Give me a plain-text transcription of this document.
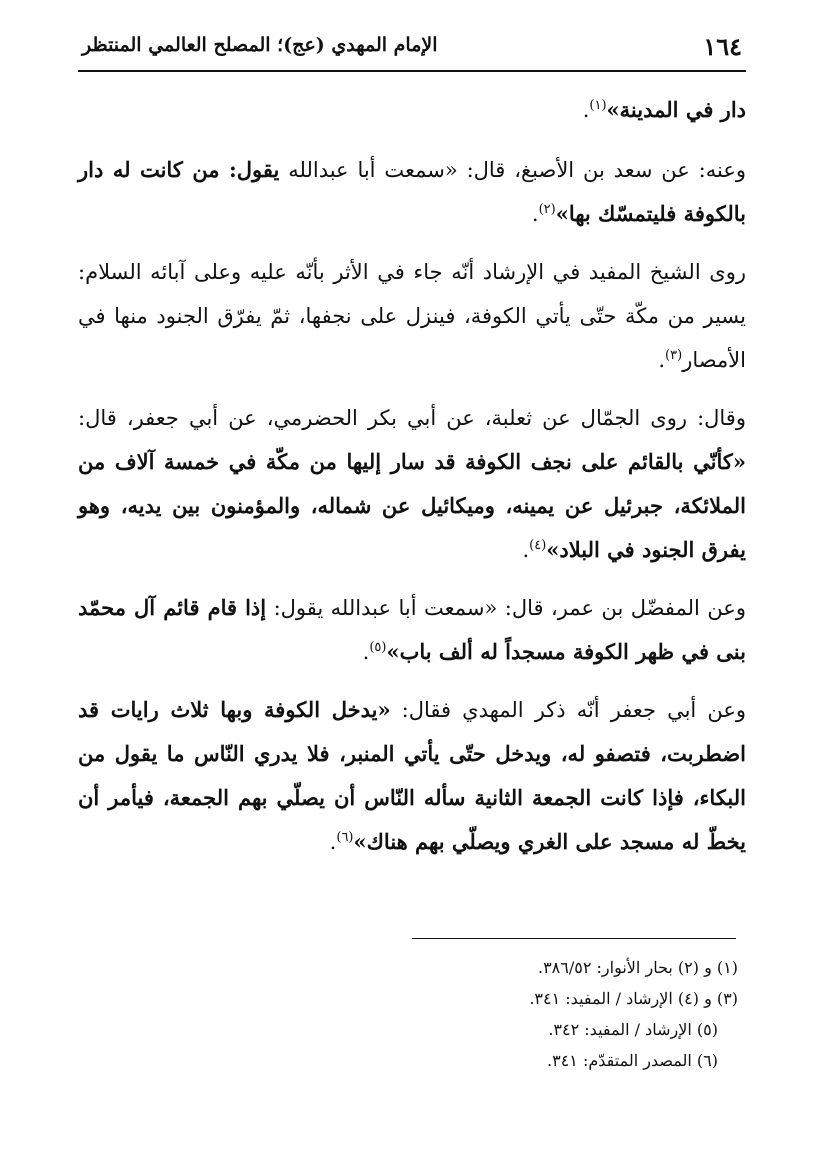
١٦٤
الإمام المهدي (عج)؛ المصلح العالمي المنتظر

دار في المدينة»$^{(١)}$.

وعنه: عن سعد بن الأصبغ، قال: «سمعت أبا عبدالله يقول: من كانت له دار بالكوفة فليتمسّك بها»$^{(٢)}$.

روى الشيخ المفيد في الإرشاد أنّه جاء في الأثر بأنّه عليه وعلى آبائه السلام: يسير من مكّة حتّى يأتي الكوفة، فينزل على نجفها، ثمّ يفرّق الجنود منها في الأمصار$^{(٣)}$.

وقال: روى الجمّال عن ثعلبة، عن أبي بكر الحضرمي، عن أبي جعفر، قال: «كأنّي بالقائم على نجف الكوفة قد سار إليها من مكّة في خمسة آلاف من الملائكة، جبرئيل عن يمينه، وميكائيل عن شماله، والمؤمنون بين يديه، وهو يفرق الجنود في البلاد»$^{(٤)}$.

وعن المفضّل بن عمر، قال: «سمعت أبا عبدالله يقول: إذا قام قائم آل محمّد بنى في ظهر الكوفة مسجداً له ألف باب»$^{(٥)}$.

وعن أبي جعفر أنّه ذكر المهدي فقال: «يدخل الكوفة وبها ثلاث رايات قد اضطربت، فتصفو له، ويدخل حتّى يأتي المنبر، فلا يدري النّاس ما يقول من البكاء، فإذا كانت الجمعة الثانية سأله النّاس أن يصلّي بهم الجمعة، فيأمر أن يخطّ له مسجد على الغري ويصلّي بهم هناك»$^{(٦)}$.

(١) و (٢) بحار الأنوار: ٣٨٦/٥٢.
(٣) و (٤) الإرشاد / المفيد: ٣٤١.
(٥) الإرشاد / المفيد: ٣٤٢.
(٦) المصدر المتقدّم: ٣٤١.
